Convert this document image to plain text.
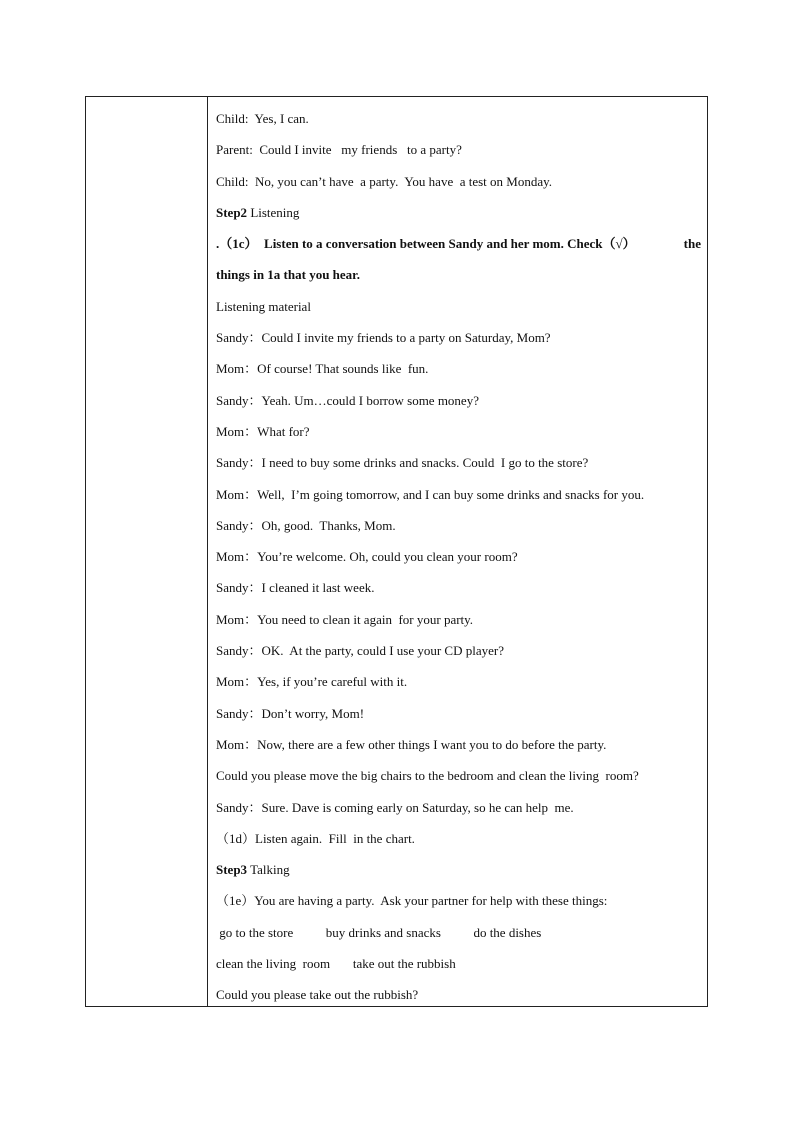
Child:  Yes, I can.
Parent:  Could I invite   my friends   to a party?
Child:  No, you can’t have  a party.  You have  a test on Monday.
Step2 Listening
.（1c）  Listen to a conversation between Sandy and her mom. Check（√）	the
things in 1a that you hear.
Listening material
Sandy：Could I invite my friends to a party on Saturday, Mom?
Mom：Of course! That sounds like  fun.
Sandy：Yeah. Um…could I borrow some money?
Mom：What for?
Sandy：I need to buy some drinks and snacks. Could  I go to the store?
Mom：Well,  I’m going tomorrow, and I can buy some drinks and snacks for you.
Sandy：Oh, good.  Thanks, Mom.
Mom：You’re welcome. Oh, could you clean your room?
Sandy：I cleaned it last week.
Mom：You need to clean it again  for your party.
Sandy：OK.  At the party, could I use your CD player?
Mom：Yes, if you’re careful with it.
Sandy：Don’t worry, Mom!
Mom：Now, there are a few other things I want you to do before the party.
Could you please move the big chairs to the bedroom and clean the living  room?
Sandy：Sure. Dave is coming early on Saturday, so he can help  me.
（1d）Listen again.  Fill  in the chart.
Step3 Talking
（1e）You are having a party.  Ask your partner for help with these things:
go to the store          buy drinks and snacks          do the dishes
clean the living  room       take out the rubbish
Could you please take out the rubbish?
